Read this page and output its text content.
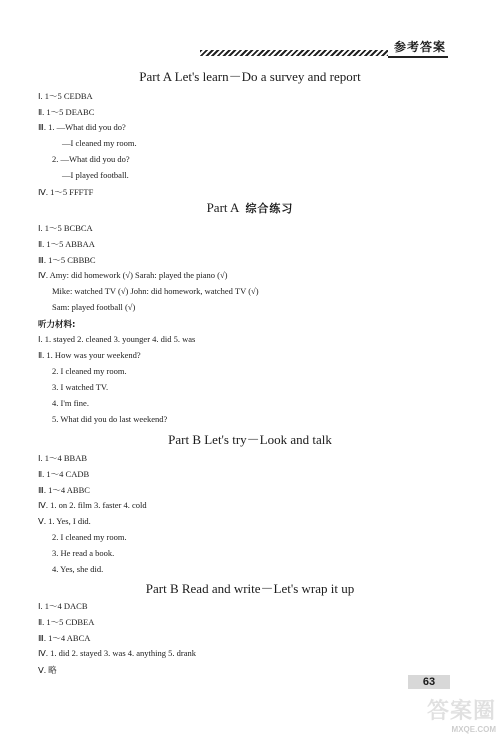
参考答案
Part A Let's learn－Do a survey and report
Ⅰ. 1～5 CEDBA
Ⅱ. 1～5 DEABC
Ⅲ. 1. —What did you do?
—I cleaned my room.
2. —What did you do?
—I played football.
Ⅳ. 1～5 FFFTF
Part A 综合练习
Ⅰ. 1～5 BCBCA
Ⅱ. 1～5 ABBAA
Ⅲ. 1～5 CBBBC
Ⅳ. Amy: did homework (√) Sarah: played the piano (√)
Mike: watched TV (√) John: did homework, watched TV (√)
Sam: played football (√)
听力材料:
Ⅰ. 1. stayed 2. cleaned 3. younger 4. did 5. was
Ⅱ. 1. How was your weekend?
2. I cleaned my room.
3. I watched TV.
4. I'm fine.
5. What did you do last weekend?
Part B Let's try－Look and talk
Ⅰ. 1～4 BBAB
Ⅱ. 1～4 CADB
Ⅲ. 1～4 ABBC
Ⅳ. 1. on 2. film 3. faster 4. cold
Ⅴ. 1. Yes, I did.
2. I cleaned my room.
3. He read a book.
4. Yes, she did.
Part B Read and write－Let's wrap it up
Ⅰ. 1～4 DACB
Ⅱ. 1～5 CDBEA
Ⅲ. 1～4 ABCA
Ⅳ. 1. did 2. stayed 3. was 4. anything 5. drank
Ⅴ. 略
63
答案圈
MXQE.COM
